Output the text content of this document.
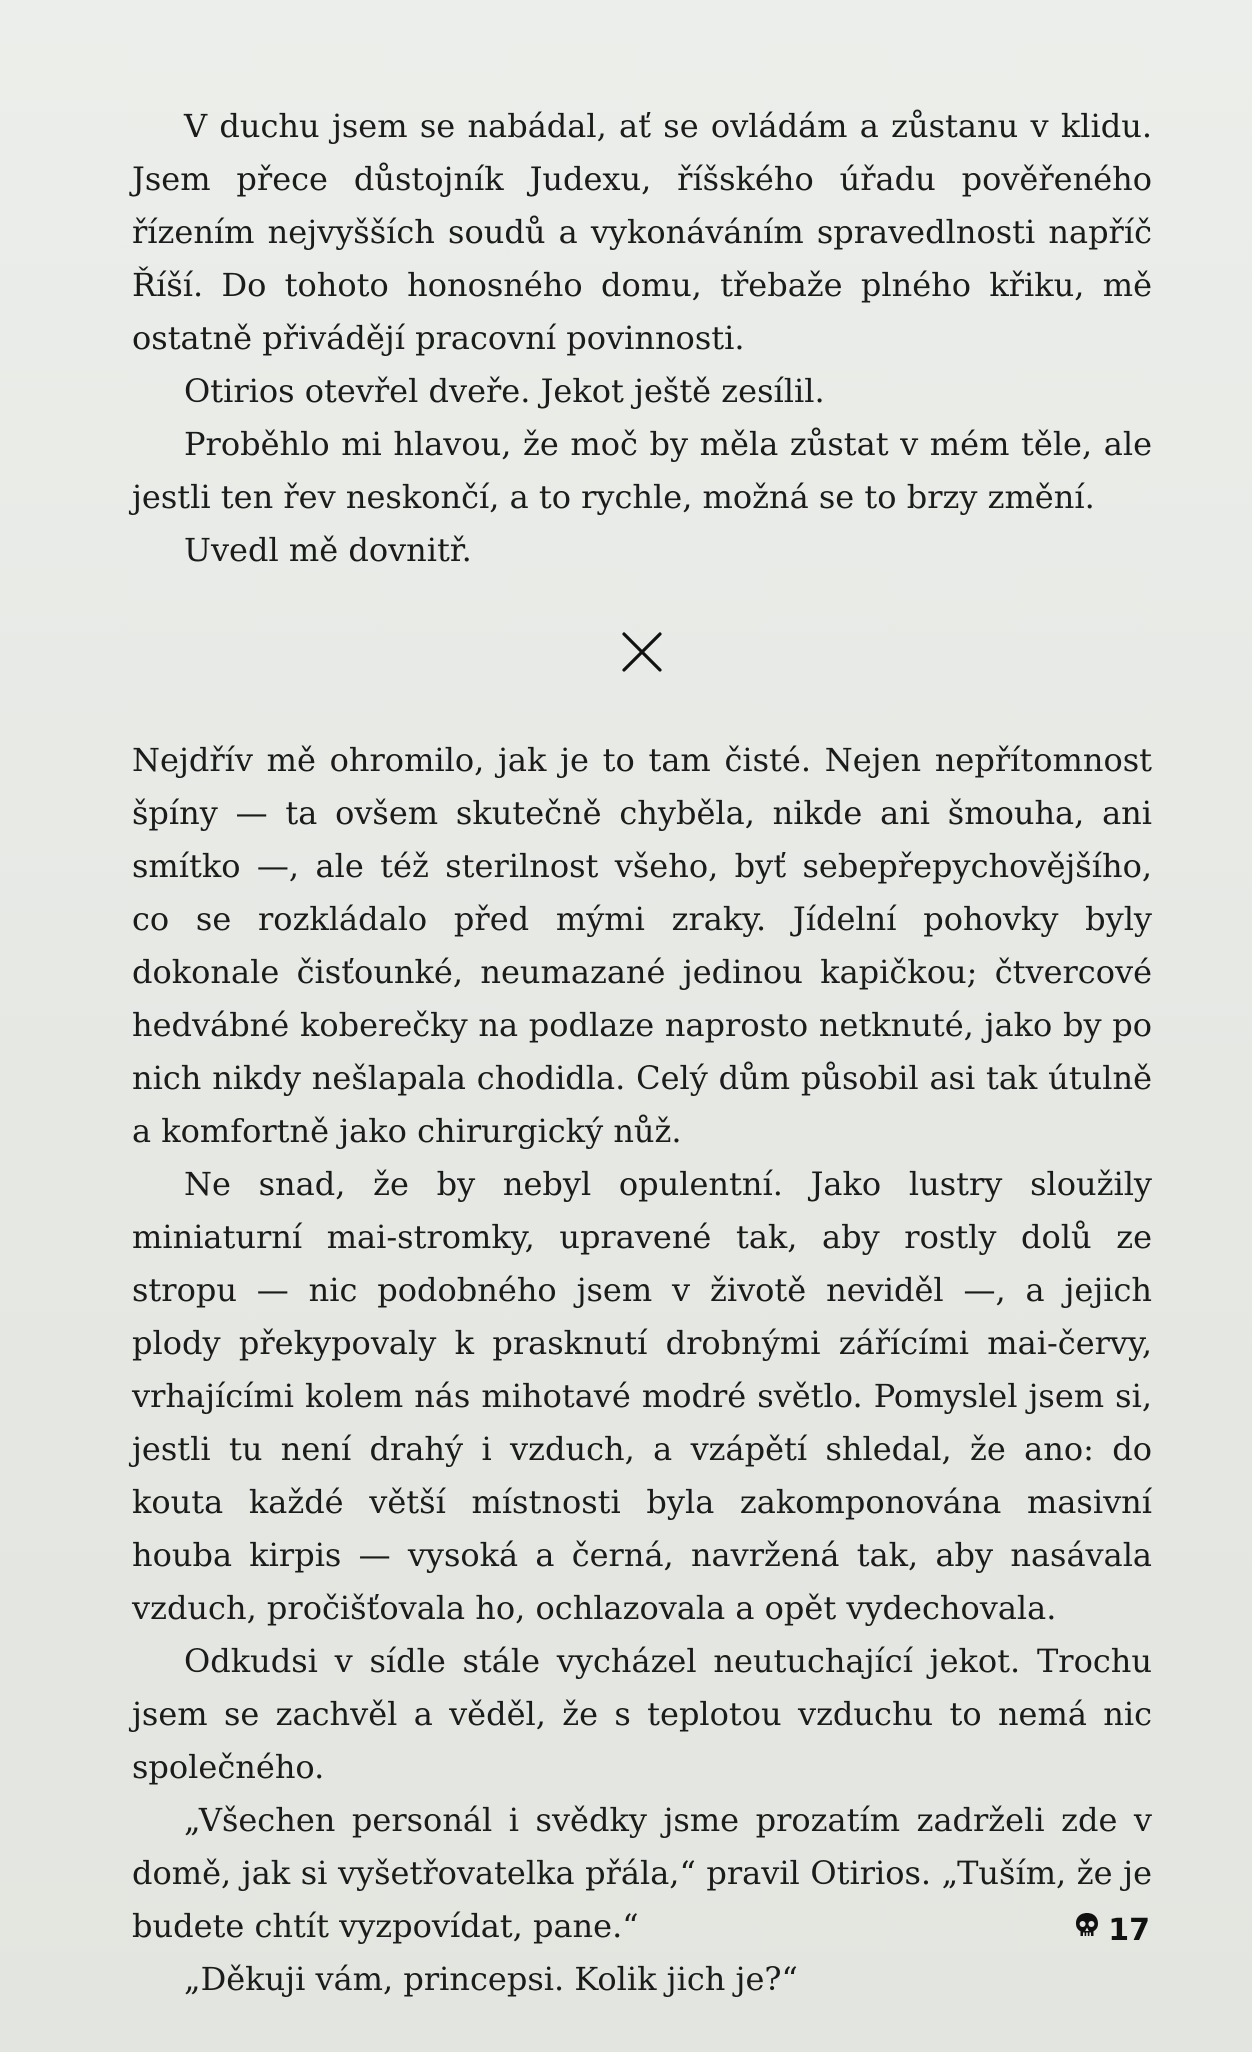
V duchu jsem se nabádal, ať se ovládám a zůstanu v klidu. Jsem přece důstojník Judexu, říšského úřadu pověřeného řízením nejvyšších soudů a vykonáváním spravedlnosti napříč Říší. Do tohoto honosného domu, třebaže plného křiku, mě ostatně přivádějí pracovní povinnosti.

Otirios otevřel dveře. Jekot ještě zesílil.

Proběhlo mi hlavou, že moč by měla zůstat v mém těle, ale jestli ten řev neskončí, a to rychle, možná se to brzy změní.

Uvedl mě dovnitř.

Nejdřív mě ohromilo, jak je to tam čisté. Nejen nepřítomnost špíny — ta ovšem skutečně chyběla, nikde ani šmouha, ani smítko —, ale též sterilnost všeho, byť sebepřepychovějšího, co se rozkládalo před mými zraky. Jídelní pohovky byly dokonale čisťounké, neumazané jedinou kapičkou; čtvercové hedvábné koberečky na podlaze naprosto netknuté, jako by po nich nikdy nešlapala chodidla. Celý dům působil asi tak útulně a komfortně jako chirurgický nůž.

Ne snad, že by nebyl opulentní. Jako lustry sloužily miniaturní mai-stromky, upravené tak, aby rostly dolů ze stropu — nic podobného jsem v životě neviděl —, a jejich plody překypovaly k prasknutí drobnými zářícími mai-červy, vrhajícími kolem nás mihotavé modré světlo. Pomyslel jsem si, jestli tu není drahý i vzduch, a vzápětí shledal, že ano: do kouta každé větší místnosti byla zakomponována masivní houba kirpis — vysoká a černá, navržená tak, aby nasávala vzduch, pročišťovala ho, ochlazovala a opět vydechovala.

Odkudsi v sídle stále vycházel neutuchající jekot. Trochu jsem se zachvěl a věděl, že s teplotou vzduchu to nemá nic společného.

„Všechen personál i svědky jsme prozatím zadrželi zde v domě, jak si vyšetřovatelka přála,“ pravil Otirios. „Tuším, že je budete chtít vyzpovídat, pane.“

„Děkuji vám, princepsi. Kolik jich je?“

17
